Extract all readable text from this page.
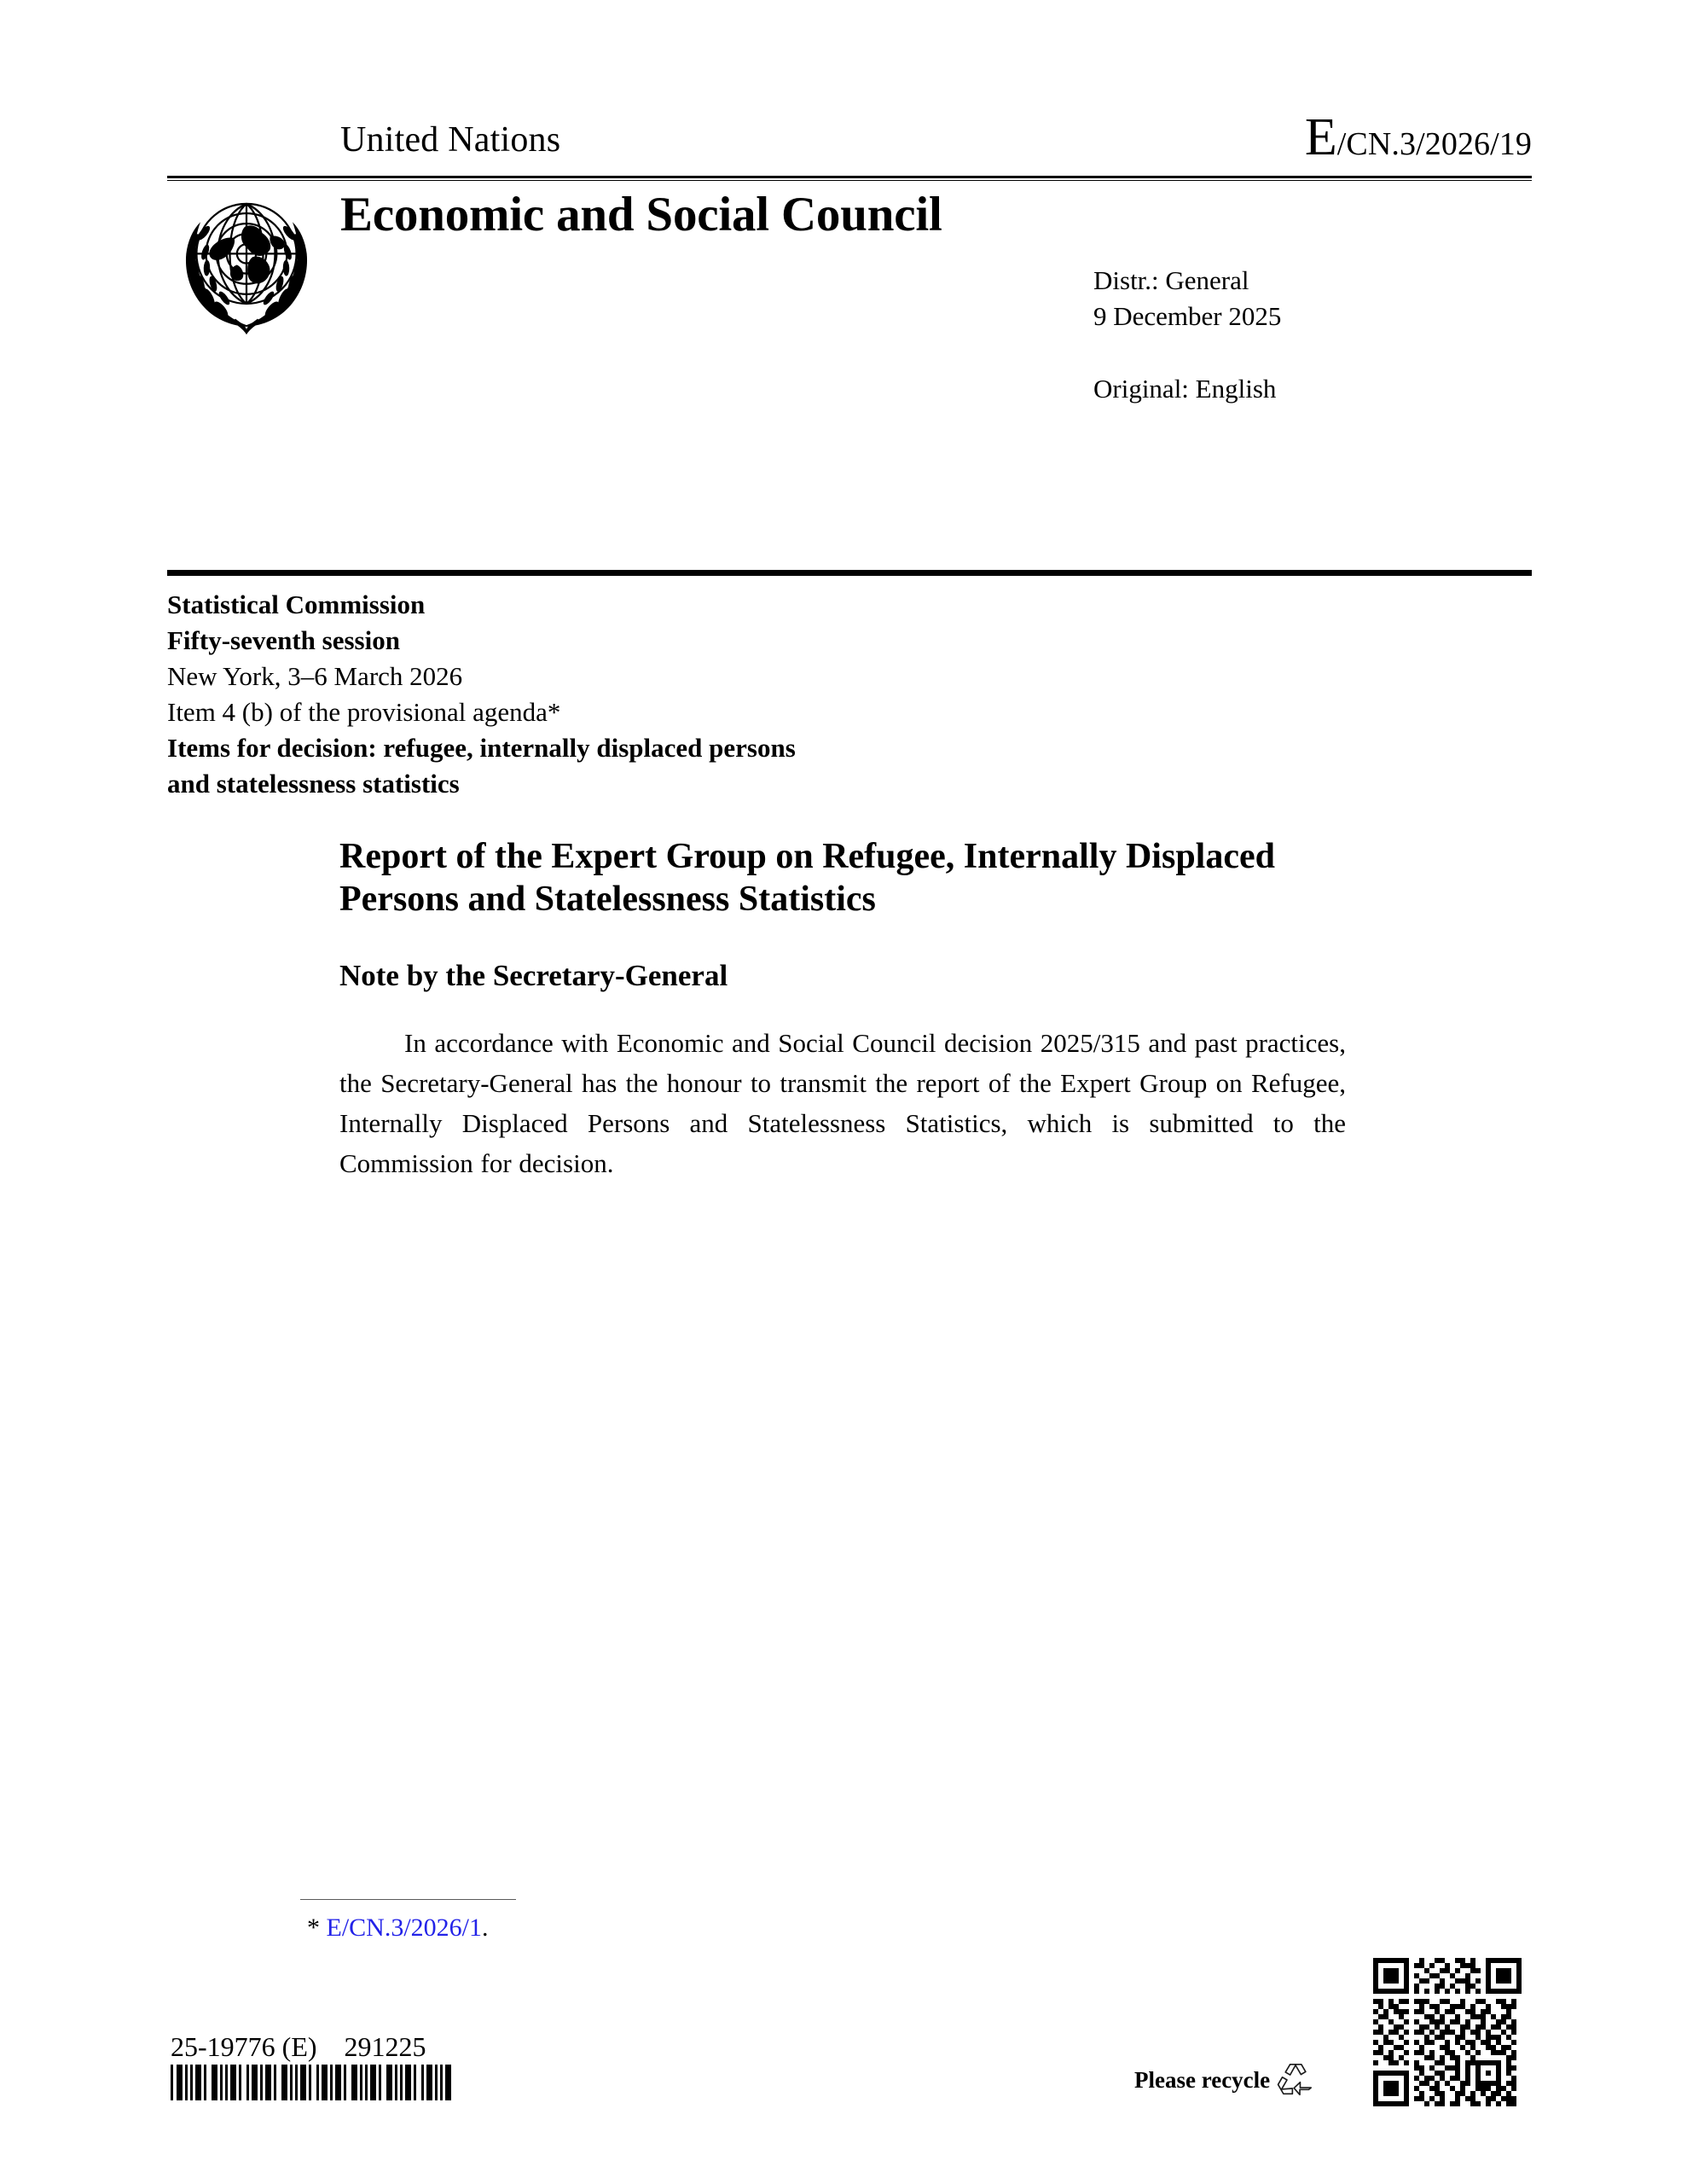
United Nations	E/CN.3/2026/19
Economic and Social Council
Distr.: General
9 December 2025
Original: English
Statistical Commission
Fifty-seventh session
New York, 3–6 March 2026
Item 4 (b) of the provisional agenda*
Items for decision: refugee, internally displaced persons
and statelessness statistics
Report of the Expert Group on Refugee, Internally Displaced Persons and Statelessness Statistics
Note by the Secretary-General

In accordance with Economic and Social Council decision 2025/315 and past practices, the Secretary-General has the honour to transmit the report of the Expert Group on Refugee, Internally Displaced Persons and Statelessness Statistics, which is submitted to the Commission for decision.

* E/CN.3/2026/1.
25-19776 (E)    291225
Please recycle
